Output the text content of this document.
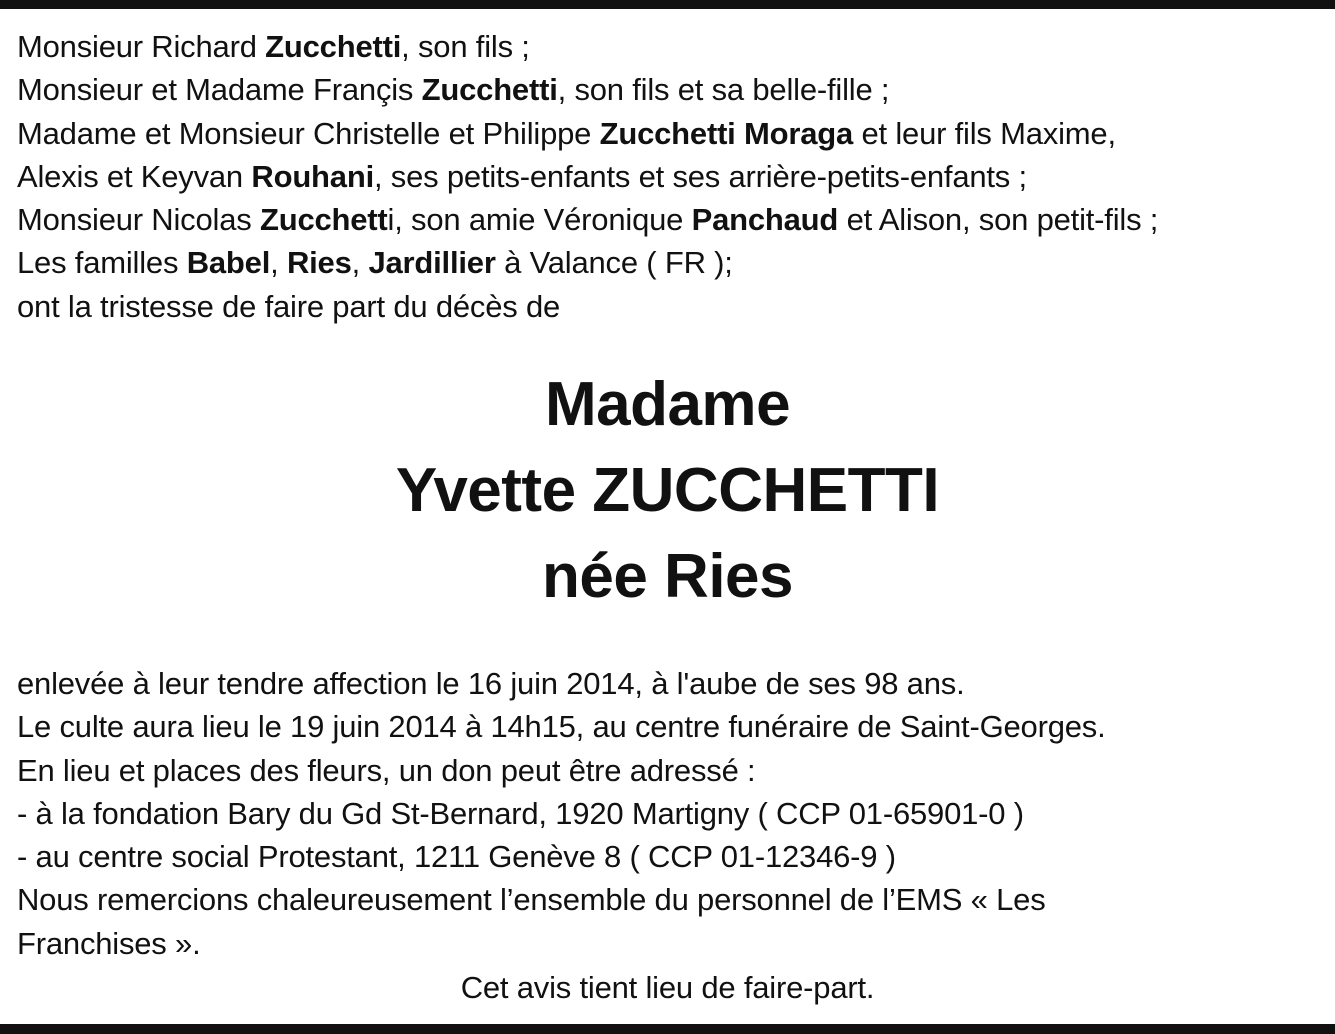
Monsieur Richard Zucchetti, son fils ;
Monsieur et Madame Françis Zucchetti, son fils et sa belle-fille ;
Madame et Monsieur Christelle et Philippe Zucchetti Moraga et leur fils Maxime,
Alexis et Keyvan Rouhani, ses petits-enfants et ses arrière-petits-enfants ;
Monsieur Nicolas Zucchetti, son amie Véronique Panchaud et Alison, son petit-fils ;
Les familles Babel, Ries, Jardillier à Valance ( FR );
ont la tristesse de faire part du décès de
Madame
Yvette ZUCCHETTI
née Ries
enlevée à leur tendre affection le 16 juin 2014, à l'aube de ses 98 ans.
Le culte aura lieu le 19 juin 2014 à 14h15, au centre funéraire de Saint-Georges.
En lieu et places des fleurs, un don peut être adressé :
- à la fondation Bary du Gd St-Bernard, 1920 Martigny ( CCP 01-65901-0 )
- au centre social Protestant, 1211 Genève 8 ( CCP 01-12346-9 )
Nous remercions chaleureusement l’ensemble du personnel de l’EMS « Les
Franchises ».
Cet avis tient lieu de faire-part.
